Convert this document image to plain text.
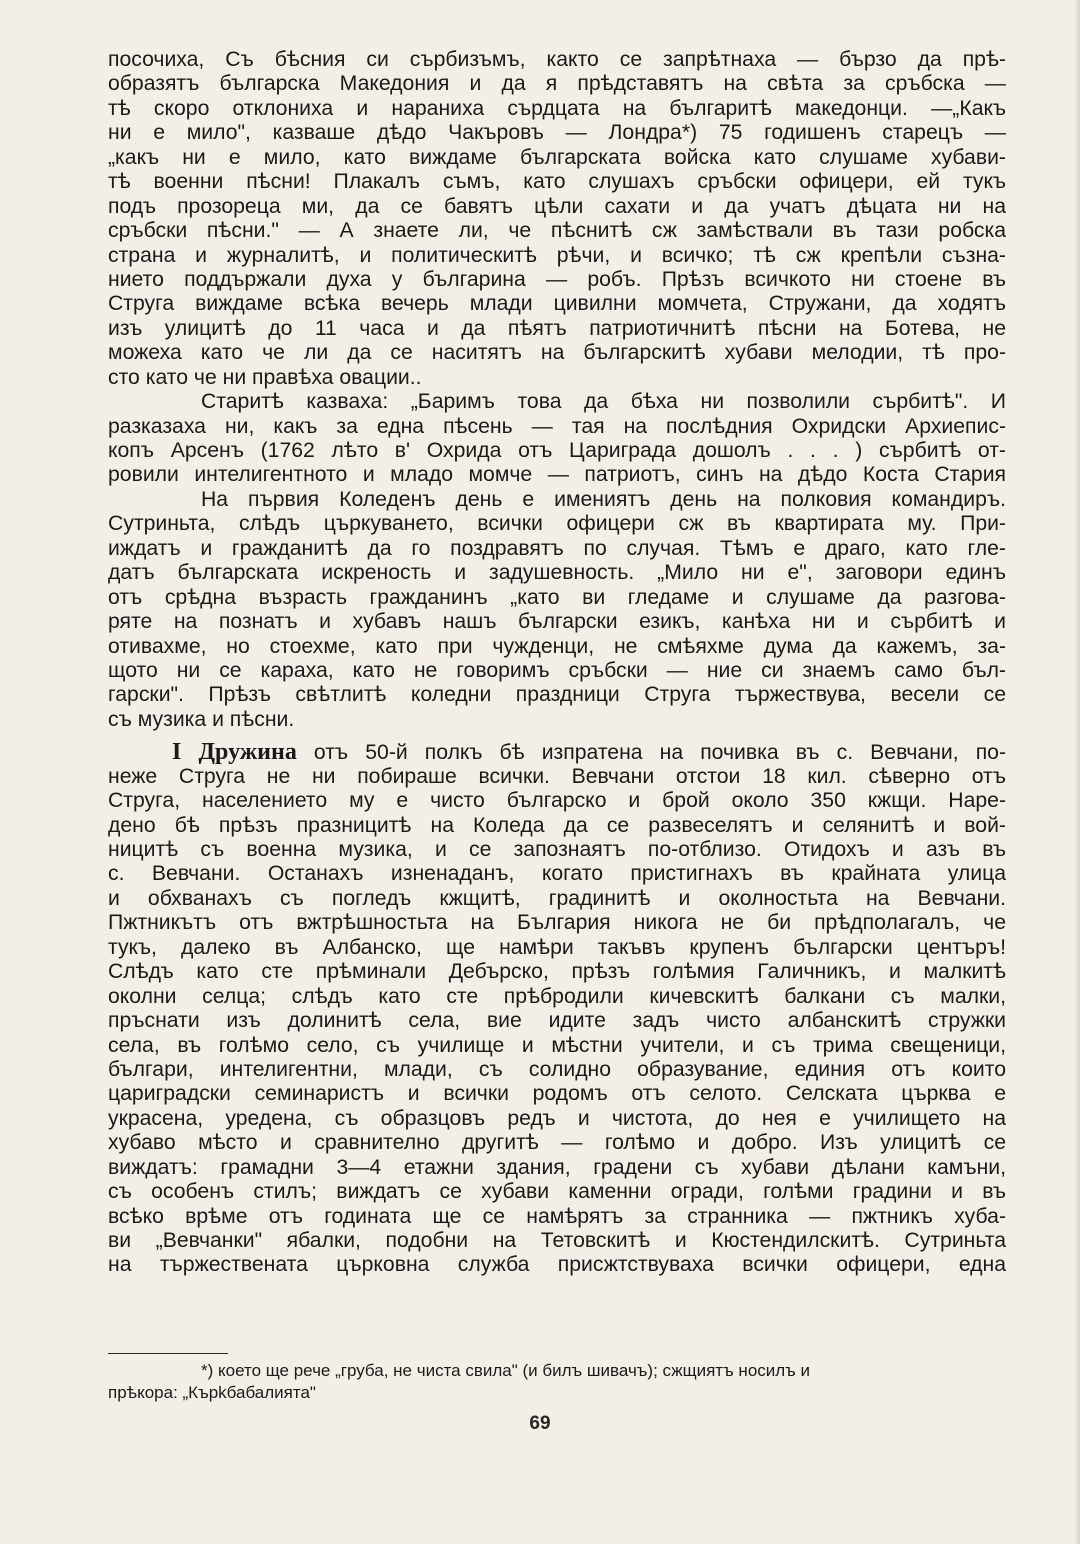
посочиха, Съ бѣсния си сърбизъмъ, както се запрѣтнаха — бързо да прѣ-
образятъ българска Македония и да я прѣдставятъ на свѣта за сръбска —
тѣ скоро отклониха и нараниха сърдцата на българитѣ македонци. —„Какъ
ни е мило", казваше дѣдо Чакъровъ — Лондра*) 75 годишенъ старецъ —
„какъ ни е мило, като виждаме българската войска като слушаме хубави-
тѣ военни пѣсни! Плакалъ съмъ, като слушахъ сръбски офицери, ей тукъ
подъ прозореца ми, да се бавятъ цѣли сахати и да учатъ дѣцата ни на
сръбски пѣсни." — А знаете ли, че пѣснитѣ сж замѣствали въ тази робска
страна и журналитѣ, и политическитѣ рѣчи, и всичко; тѣ сж крепѣли съзна-
нието поддържали духа у българина — робъ. Прѣзъ всичкото ни стоене въ
Струга виждаме всѣка вечерь млади цивилни момчета, Стружани, да ходятъ
изъ улицитѣ до 11 часа и да пѣятъ патриотичнитѣ пѣсни на Ботева, не
можеха като че ли да се наситятъ на българскитѣ хубави мелодии, тѣ про-
сто като че ни правѣха овации..
Старитѣ казваха: „Баримъ това да бѣха ни позволили сърбитѣ". И
разказаха ни, какъ за една пѣсень — тая на послѣдния Охридски Архиепис-
копъ Арсенъ (1762 лѣто в' Охрида отъ Цариграда дошолъ . . . ) сърбитѣ от-
ровили интелигентното и младо момче — патриотъ, синъ на дѣдо Коста Стария
На първия Коледенъ день е имениятъ день на полковия командиръ.
Сутриньта, слѣдъ църкуването, всички офицери сж въ квартирата му. При-
иждатъ и гражданитѣ да го поздравятъ по случая. Тѣмъ е драго, като гле-
датъ българската искреность и задушевность. „Мило ни е", заговори единъ
отъ срѣдна възрасть гражданинъ „като ви гледаме и слушаме да разгова-
ряте на познатъ и хубавъ нашъ български езикъ, канѣха ни и сърбитѣ и
отивахме, но стоехме, като при чужденци, не смѣяхме дума да кажемъ, за-
щото ни се караха, като не говоримъ сръбски — ние си знаемъ само бъл-
гарски". Прѣзъ свѣтлитѣ коледни праздници Струга тържествува, весели се
съ музика и пѣсни.
I Дружина отъ 50-й полкъ бѣ изпратена на почивка въ с. Вевчани, по-
неже Струга не ни побираше всички. Вевчани отстои 18 кил. сѣверно отъ
Струга, населението му е чисто българско и брой около 350 кжщи. Наре-
дено бѣ прѣзъ празницитѣ на Коледа да се развеселятъ и селянитѣ и вой-
ницитѣ съ военна музика, и се запознаятъ по-отблизо. Отидохъ и азъ въ
с. Вевчани. Останахъ изненаданъ, когато пристигнахъ въ крайната улица
и обхванахъ съ погледъ кжщитѣ, градинитѣ и околностьта на Вевчани.
Пжтникътъ отъ вжтрѣшностьта на България никога не би прѣдполагалъ, че
тукъ, далеко въ Албанско, ще намѣри такъвъ крупенъ български центъръ!
Слѣдъ като сте прѣминали Дебърско, прѣзъ голѣмия Галичникъ, и малкитѣ
околни селца; слѣдъ като сте прѣбродили кичевскитѣ балкани съ малки,
пръснати изъ долинитѣ села, вие идите задъ чисто албанскитѣ стружки
села, въ голѣмо село, съ училище и мѣстни учители, и съ трима свещеници,
българи, интелигентни, млади, съ солидно образувание, единия отъ които
цариградски семинаристъ и всички родомъ отъ селото. Селската църква е
украсена, уредена, съ образцовъ редъ и чистота, до нея е училището на
хубаво мѣсто и сравнително другитѣ — голѣмо и добро. Изъ улицитѣ се
виждатъ: грамадни 3—4 етажни здания, градени съ хубави дѣлани камъни,
съ особенъ стилъ; виждатъ се хубави каменни огради, голѣми градини и въ
всѣко врѣме отъ годината ще се намѣрятъ за странника — пжтникъ хуба-
ви „Вевчанки" ябалки, подобни на Тетовскитѣ и Кюстендилскитѣ. Сутриньта
на тържествената църковна служба присжтствуваха всички офицери, една
*) което ще рече „груба, не чиста свила" (и билъ шивачъ); сжщиятъ носилъ и
прѣкора: „Кърkбабалията"
69
